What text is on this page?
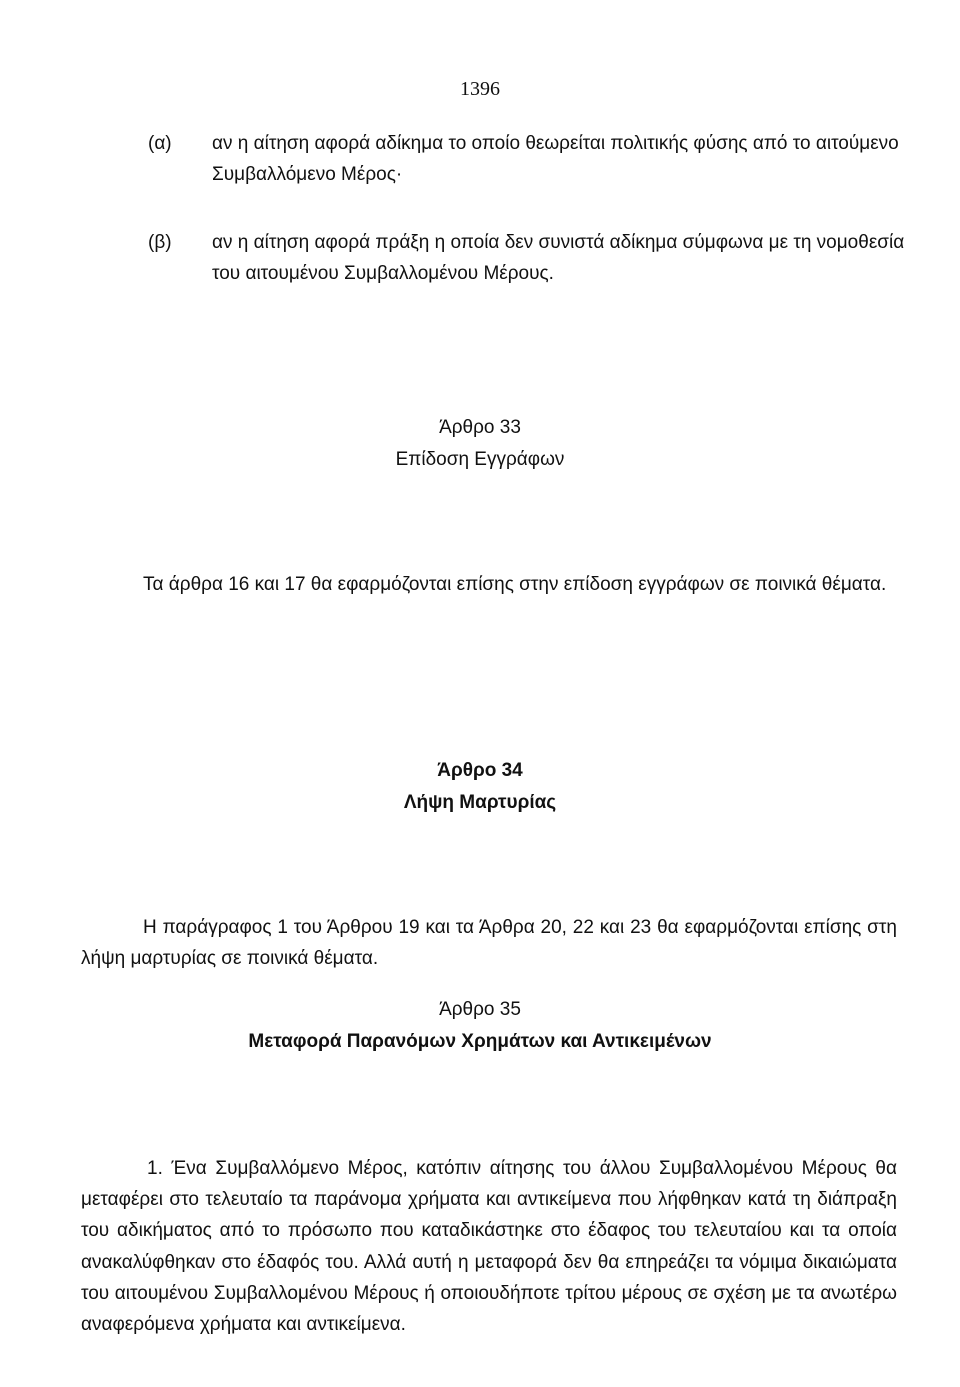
1396
(α) αν η αίτηση αφορά αδίκημα το οποίο θεωρείται πολιτικής φύσης από το αιτούμενο Συμβαλλόμενο Μέρος·
(β) αν η αίτηση αφορά πράξη η οποία δεν συνιστά αδίκημα σύμφωνα με τη νομοθεσία του αιτουμένου Συμβαλλομένου Μέρους.
Άρθρο 33
Επίδοση Εγγράφων
Τα άρθρα 16 και 17 θα εφαρμόζονται επίσης στην επίδοση εγγράφων σε ποινικά θέματα.
Άρθρο 34
Λήψη Μαρτυρίας
Η παράγραφος 1 του Άρθρου 19 και τα Άρθρα 20, 22 και 23 θα εφαρμόζονται επίσης στη λήψη μαρτυρίας σε ποινικά θέματα.
Άρθρο 35
Μεταφορά Παρανόμων Χρημάτων και Αντικειμένων
1. Ένα Συμβαλλόμενο Μέρος, κατόπιν αίτησης του άλλου Συμβαλλομένου Μέρους θα μεταφέρει στο τελευταίο τα παράνομα χρήματα και αντικείμενα που λήφθηκαν κατά τη διάπραξη του αδικήματος από το πρόσωπο που καταδικάστηκε στο έδαφος του τελευταίου και τα οποία ανακαλύφθηκαν στο έδαφός του. Αλλά αυτή η μεταφορά δεν θα επηρεάζει τα νόμιμα δικαιώματα του αιτουμένου Συμβαλλομένου Μέρους ή οποιουδήποτε τρίτου μέρους σε σχέση με τα ανωτέρω αναφερόμενα χρήματα και αντικείμενα.
